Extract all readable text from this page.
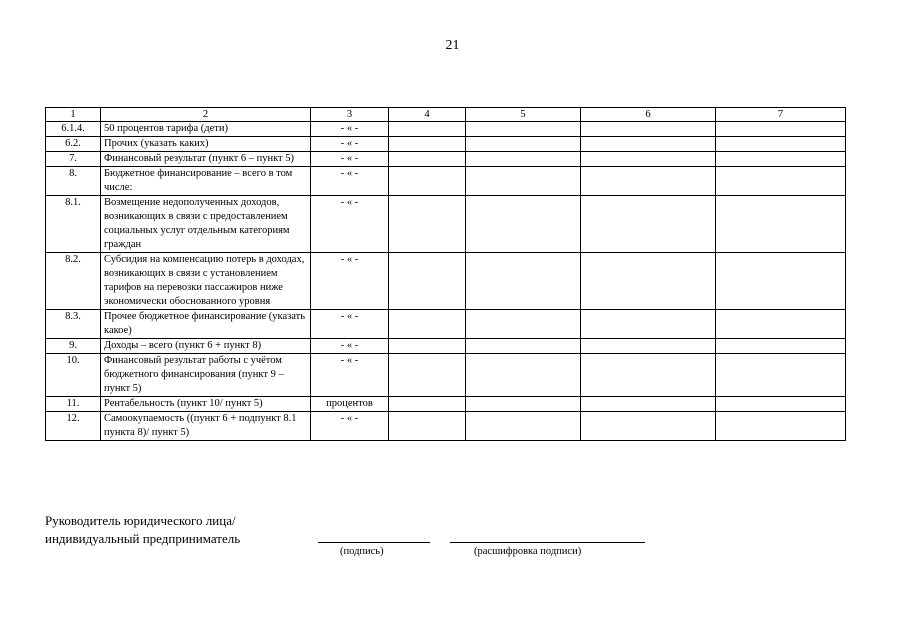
21
1	2	3	4	5	6	7
6.1.4.	50 процентов тарифа (дети)	- « -				
6.2.	Прочих (указать каких)	- « -				
7.	Финансовый результат (пункт 6 – пункт 5)	- « -				
8.	Бюджетное финансирование – всего в том числе:	- « -				
8.1.	Возмещение недополученных доходов, возникающих в связи с предоставлением социальных услуг отдельным категориям граждан	- « -				
8.2.	Субсидия на компенсацию потерь в доходах, возникающих в связи с установлением тарифов на перевозки пассажиров ниже экономически обоснованного уровня	- « -				
8.3.	Прочее бюджетное финансирование (указать какое)	- « -				
9.	Доходы – всего (пункт 6 + пункт 8)	- « -				
10.	Финансовый результат работы с учётом бюджетного финансирования (пункт 9 – пункт 5)	- « -				
11.	Рентабельность (пункт 10/ пункт 5)	процентов				
12.	Самоокупаемость ((пункт 6 + подпункт 8.1 пункта 8)/ пункт 5)	- « -				
Руководитель юридического лица/
индивидуальный предприниматель
(подпись)	(расшифровка подписи)
